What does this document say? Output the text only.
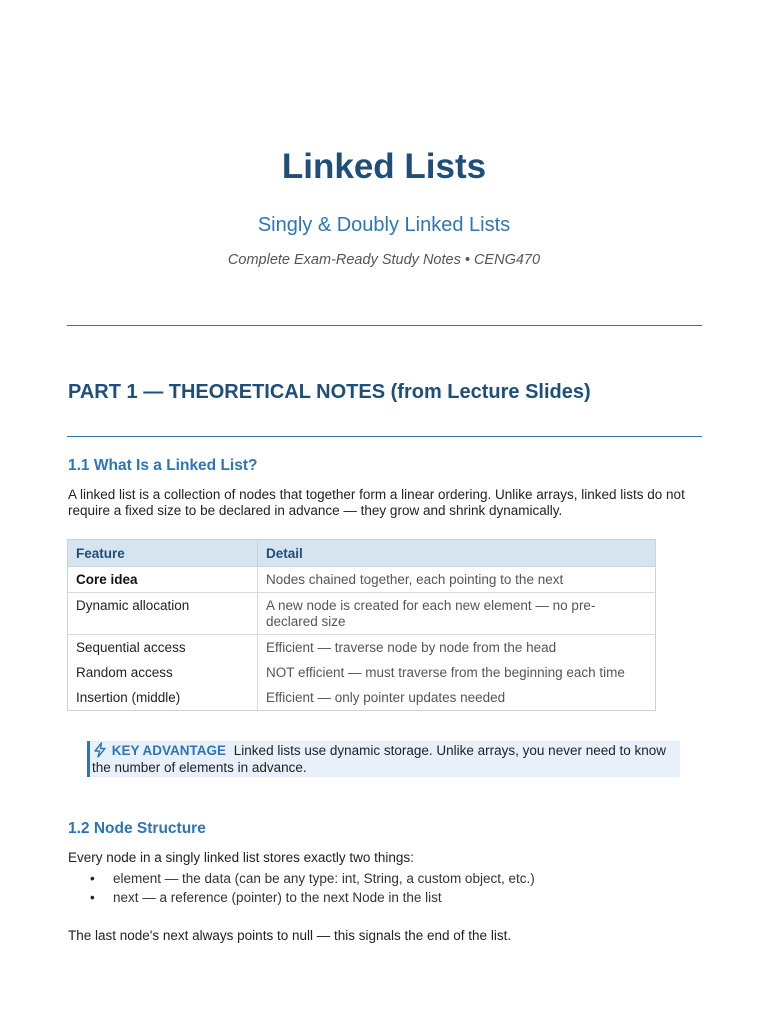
Linked Lists
Singly & Doubly Linked Lists
Complete Exam-Ready Study Notes • CENG470
PART 1 — THEORETICAL NOTES (from Lecture Slides)
1.1 What Is a Linked List?

A linked list is a collection of nodes that together form a linear ordering. Unlike arrays, linked lists do not require a fixed size to be declared in advance — they grow and shrink dynamically.

Feature	Detail
Core idea	Nodes chained together, each pointing to the next
Dynamic allocation	A new node is created for each new element — no pre-declared size
Sequential access	Efficient — traverse node by node from the head
Random access	NOT efficient — must traverse from the beginning each time
Insertion (middle)	Efficient — only pointer updates needed
KEY ADVANTAGE Linked lists use dynamic storage. Unlike arrays, you never need to know the number of elements in advance.
1.2 Node Structure

Every node in a singly linked list stores exactly two things:

• element — the data (can be any type: int, String, a custom object, etc.)
• next — a reference (pointer) to the next Node in the list

The last node's next always points to null — this signals the end of the list.
